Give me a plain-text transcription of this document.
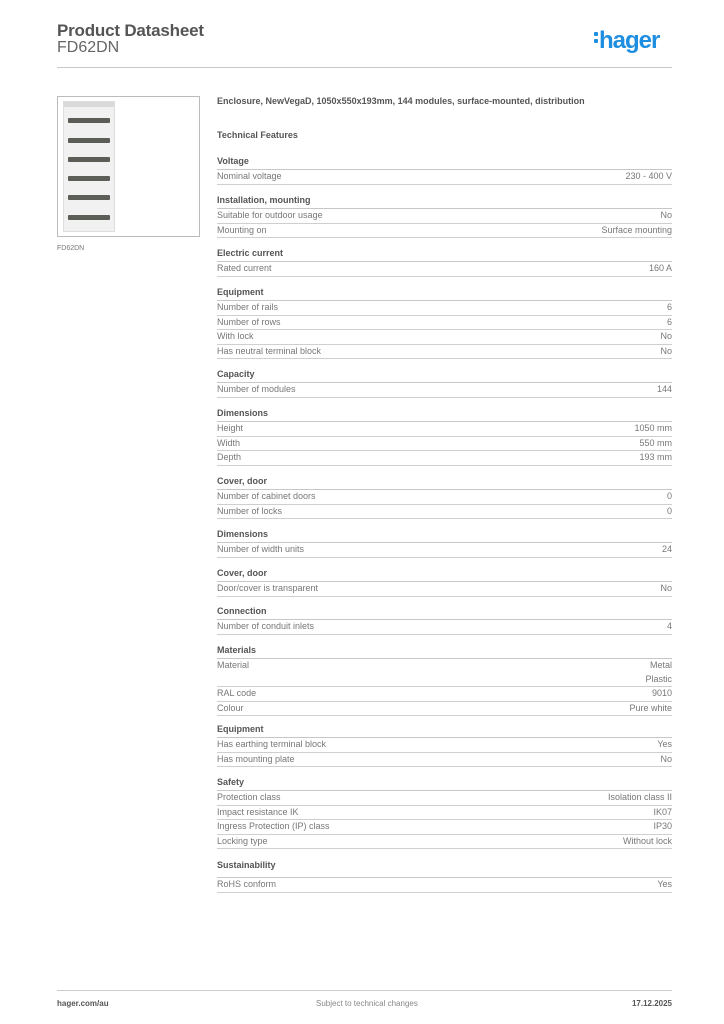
Product Datasheet
FD62DN	hager
FD62DN
Enclosure, NewVegaD, 1050x550x193mm, 144 modules, surface-mounted, distribution
Technical Features
Voltage
Nominal voltage	230 - 400 V
Installation, mounting
Suitable for outdoor usage	No
Mounting on	Surface mounting
Electric current
Rated current	160 A
Equipment
Number of rails	6
Number of rows	6
With lock	No
Has neutral terminal block	No
Capacity
Number of modules	144
Dimensions
Height	1050 mm
Width	550 mm
Depth	193 mm
Cover, door
Number of cabinet doors	0
Number of locks	0
Dimensions
Number of width units	24
Cover, door
Door/cover is transparent	No
Connection
Number of conduit inlets	4
Materials
Material	Metal
Plastic
RAL code	9010
Colour	Pure white
Equipment
Has earthing terminal block	Yes
Has mounting plate	No
Safety
Protection class	Isolation class II
Impact resistance IK	IK07
Ingress Protection (IP) class	IP30
Locking type	Without lock
Sustainability
RoHS conform	Yes
hager.com/au	Subject to technical changes	17.12.2025
